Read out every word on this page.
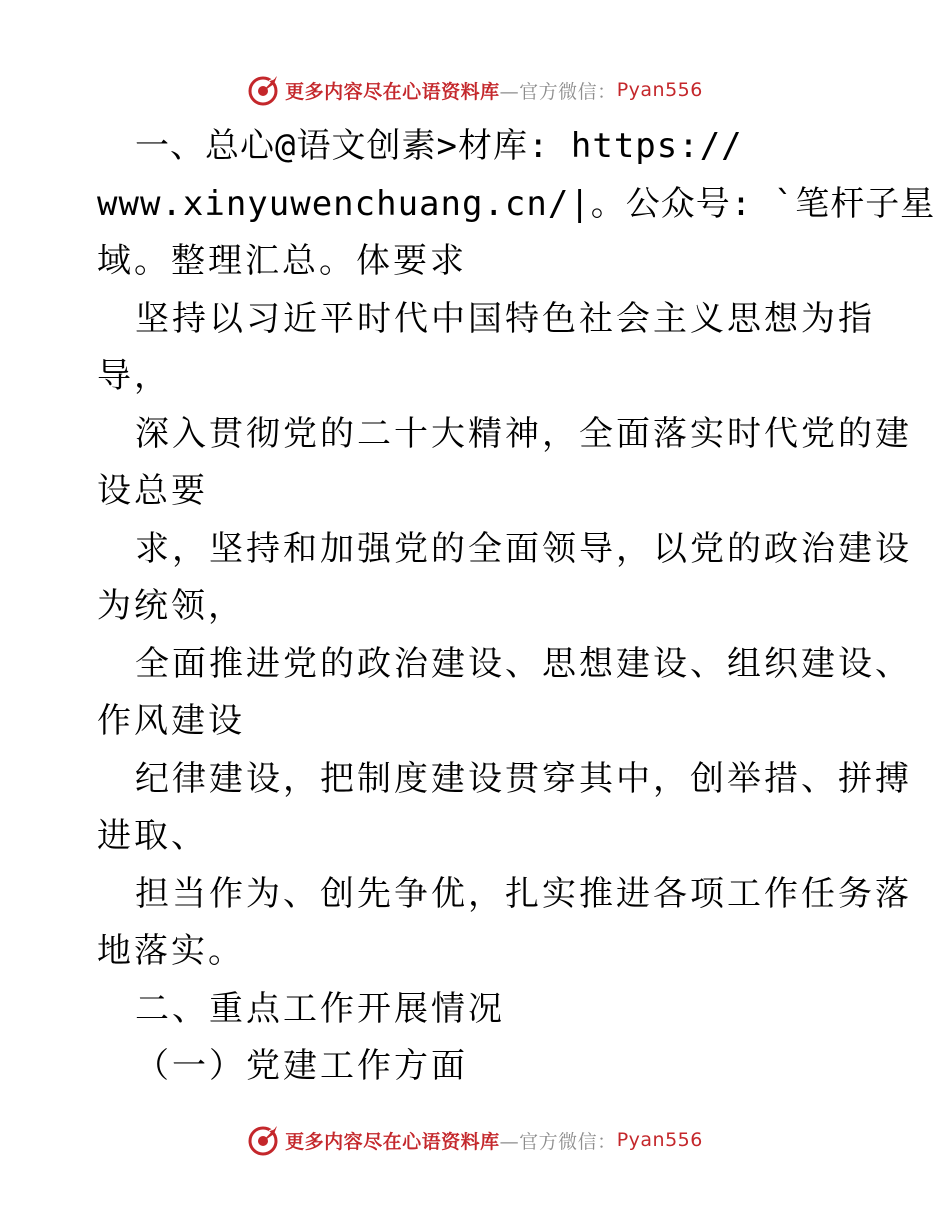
更多内容尽在心语资料库 —官方微信： Pyan556
一、总心@语文创素>材库: https://
www.xinyuwenchuang.cn/|。公众号: `笔杆子星
域。整理汇总。体要求
坚持以习近平时代中国特色社会主义思想为指
导，
深入贯彻党的二十大精神，全面落实时代党的建
设总要
求，坚持和加强党的全面领导，以党的政治建设
为统领，
全面推进党的政治建设、思想建设、组织建设、
作风建设
纪律建设，把制度建设贯穿其中，创举措、拼搏
进取、
担当作为、创先争优，扎实推进各项工作任务落
地落实。
二、重点工作开展情况
（一）党建工作方面
更多内容尽在心语资料库 —官方微信： Pyan556
